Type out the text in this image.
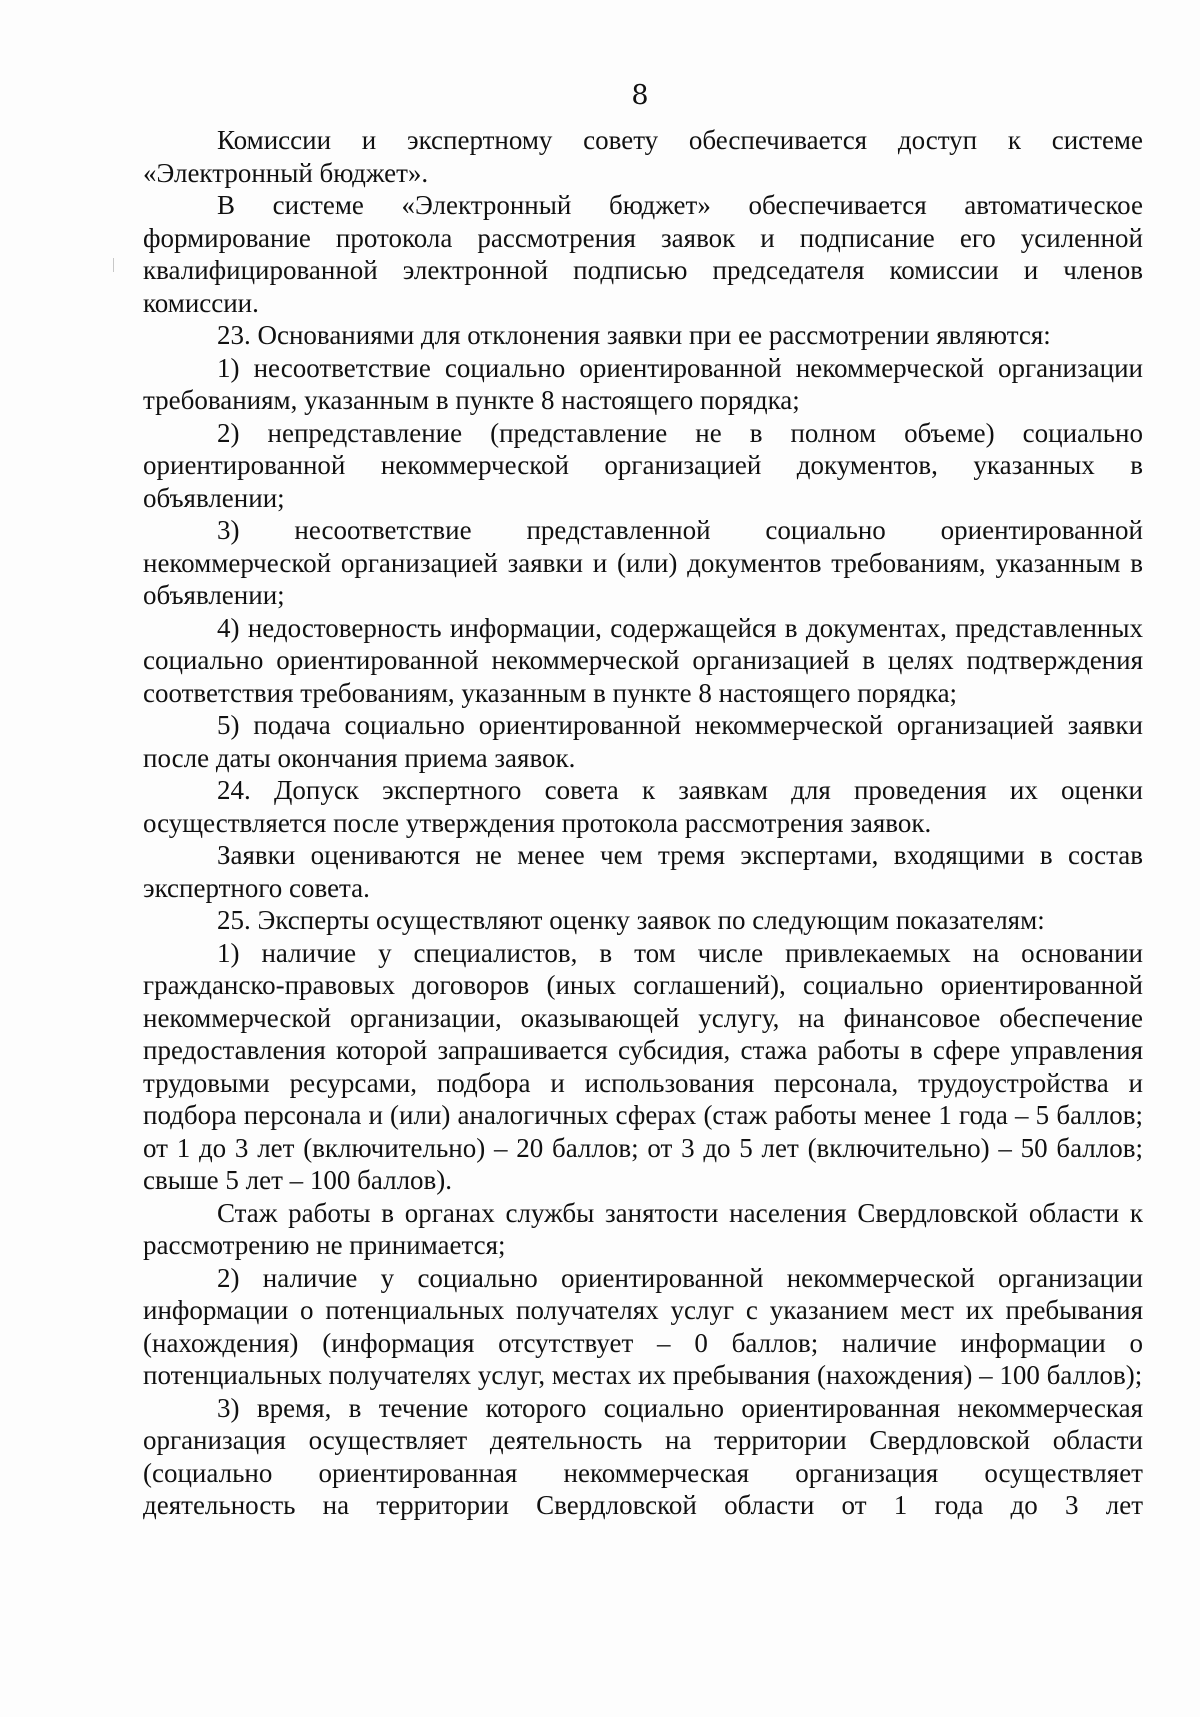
8

Комиссии и экспертному совету обеспечивается доступ к системе «Электронный бюджет».

В системе «Электронный бюджет» обеспечивается автоматическое формирование протокола рассмотрения заявок и подписание его усиленной квалифицированной электронной подписью председателя комиссии и членов комиссии.

23. Основаниями для отклонения заявки при ее рассмотрении являются:

1) несоответствие социально ориентированной некоммерческой организации требованиям, указанным в пункте 8 настоящего порядка;

2) непредставление (представление не в полном объеме) социально ориентированной некоммерческой организацией документов, указанных в объявлении;

3) несоответствие представленной социально ориентированной некоммерческой организацией заявки и (или) документов требованиям, указанным в объявлении;

4) недостоверность информации, содержащейся в документах, представленных социально ориентированной некоммерческой организацией в целях подтверждения соответствия требованиям, указанным в пункте 8 настоящего порядка;

5) подача социально ориентированной некоммерческой организацией заявки после даты окончания приема заявок.

24. Допуск экспертного совета к заявкам для проведения их оценки осуществляется после утверждения протокола рассмотрения заявок.

Заявки оцениваются не менее чем тремя экспертами, входящими в состав экспертного совета.

25. Эксперты осуществляют оценку заявок по следующим показателям:

1) наличие у специалистов, в том числе привлекаемых на основании гражданско-правовых договоров (иных соглашений), социально ориентированной некоммерческой организации, оказывающей услугу, на финансовое обеспечение предоставления которой запрашивается субсидия, стажа работы в сфере управления трудовыми ресурсами, подбора и использования персонала, трудоустройства и подбора персонала и (или) аналогичных сферах (стаж работы менее 1 года – 5 баллов; от 1 до 3 лет (включительно) – 20 баллов; от 3 до 5 лет (включительно) – 50 баллов; свыше 5 лет – 100 баллов).

Стаж работы в органах службы занятости населения Свердловской области к рассмотрению не принимается;

2) наличие у социально ориентированной некоммерческой организации информации о потенциальных получателях услуг с указанием мест их пребывания (нахождения) (информация отсутствует – 0 баллов; наличие информации о потенциальных получателях услуг, местах их пребывания (нахождения) – 100 баллов);

3) время, в течение которого социально ориентированная некоммерческая организация осуществляет деятельность на территории Свердловской области (социально ориентированная некоммерческая организация осуществляет деятельность на территории Свердловской области от 1 года до 3 лет
